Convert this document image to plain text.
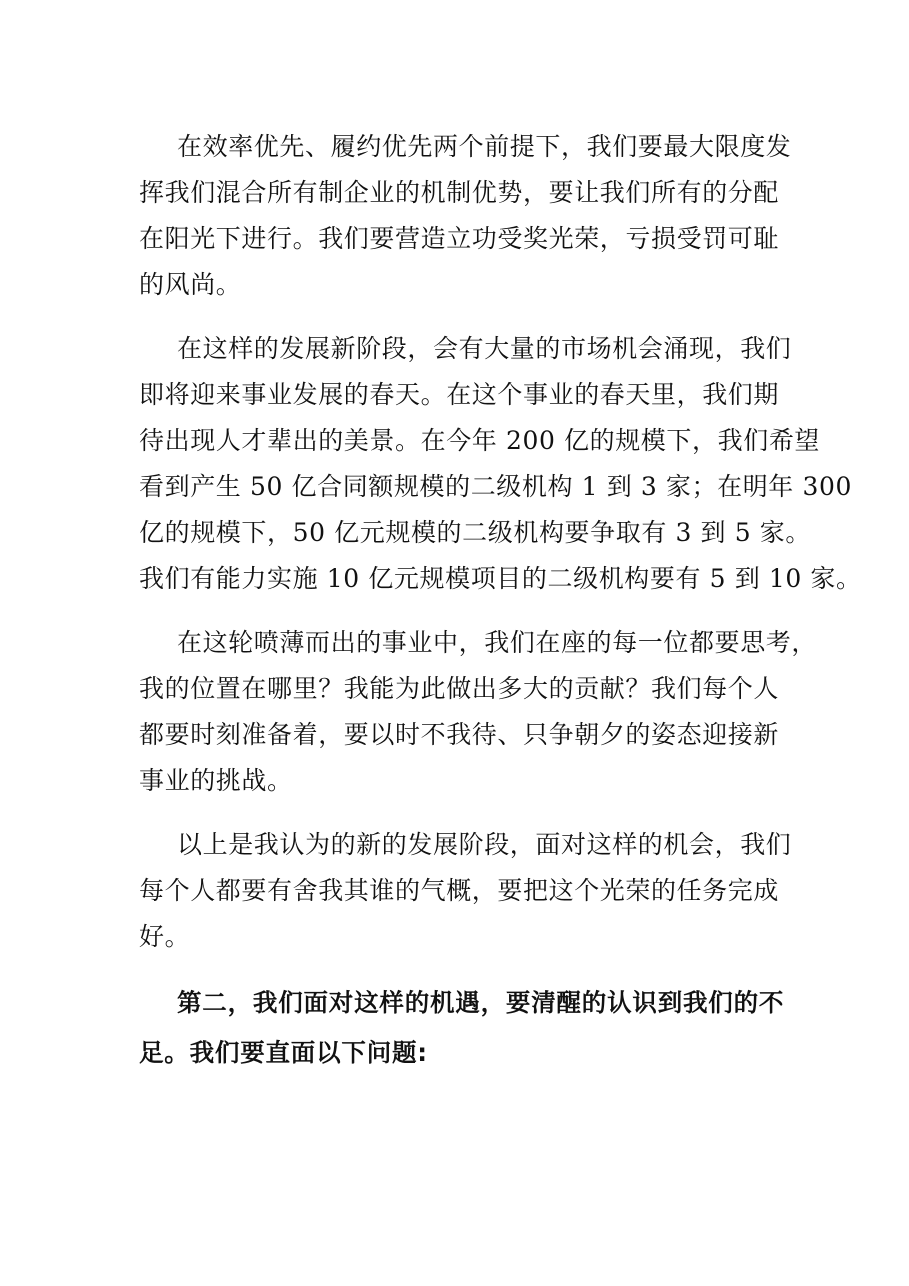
在效率优先、履约优先两个前提下，我们要最大限度发
挥我们混合所有制企业的机制优势，要让我们所有的分配
在阳光下进行。我们要营造立功受奖光荣，亏损受罚可耻
的风尚。
在这样的发展新阶段，会有大量的市场机会涌现，我们
即将迎来事业发展的春天。在这个事业的春天里，我们期
待出现人才辈出的美景。在今年 200 亿的规模下，我们希望
看到产生 50 亿合同额规模的二级机构 1 到 3 家；在明年 300
亿的规模下，50 亿元规模的二级机构要争取有 3 到 5 家。
我们有能力实施 10 亿元规模项目的二级机构要有 5 到 10 家。
在这轮喷薄而出的事业中，我们在座的每一位都要思考，
我的位置在哪里？我能为此做出多大的贡献？我们每个人
都要时刻准备着，要以时不我待、只争朝夕的姿态迎接新
事业的挑战。
以上是我认为的新的发展阶段，面对这样的机会，我们
每个人都要有舍我其谁的气概，要把这个光荣的任务完成
好。
第二，我们面对这样的机遇，要清醒的认识到我们的不
足。我们要直面以下问题:
